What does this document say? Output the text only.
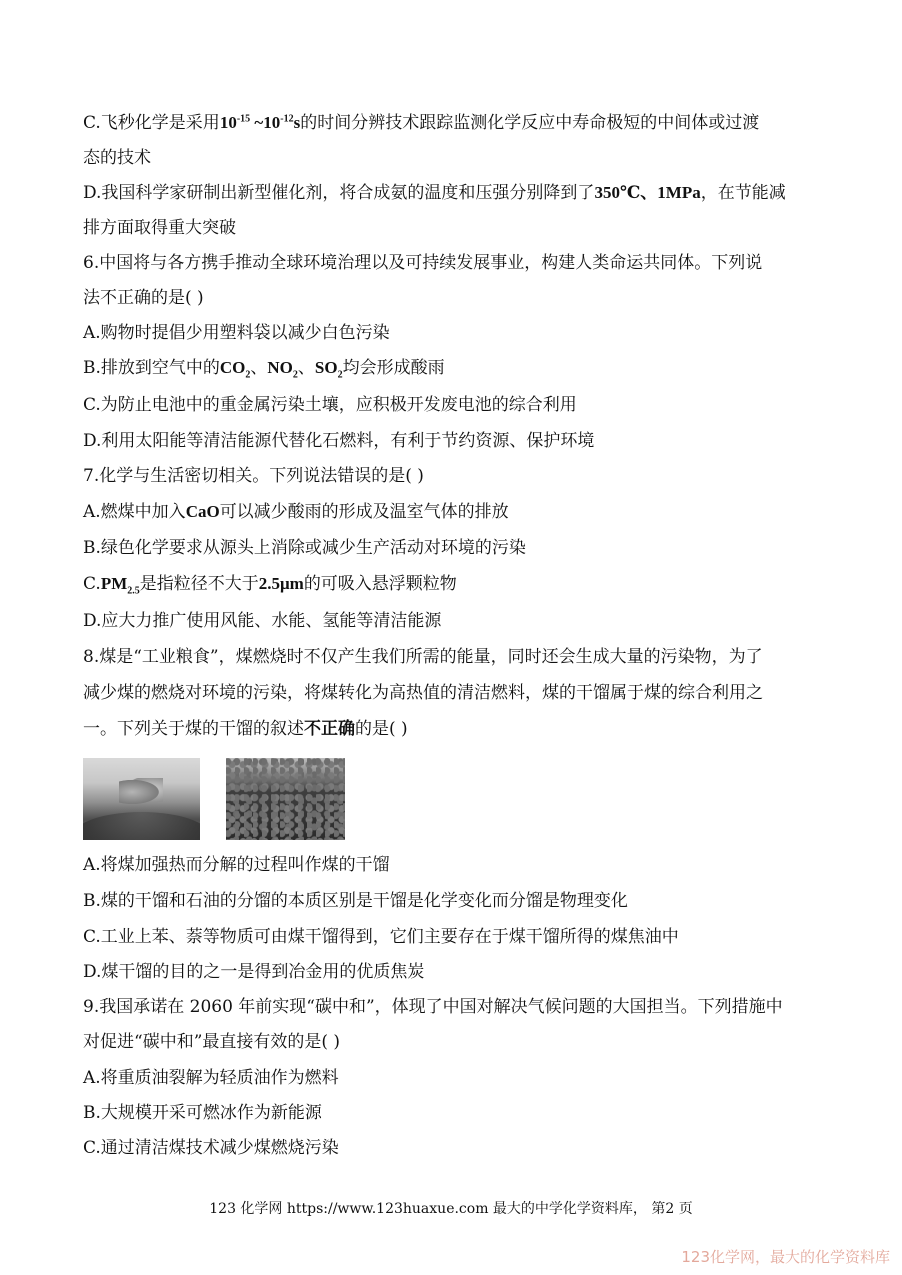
C.飞秒化学是采用$10^{-15}$ $\sim 10^{-12}s$的时间分辨技术跟踪监测化学反应中寿命极短的中间体或过渡
态的技术
D.我国科学家研制出新型催化剂，将合成氨的温度和压强分别降到了350℃、1MPa，在节能减
排方面取得重大突破
6.中国将与各方携手推动全球环境治理以及可持续发展事业，构建人类命运共同体。下列说
法不正确的是( )
A.购物时提倡少用塑料袋以减少白色污染
B.排放到空气中的$CO_2$、$NO_2$、$SO_2$均会形成酸雨
C.为防止电池中的重金属污染土壤，应积极开发废电池的综合利用
D.利用太阳能等清洁能源代替化石燃料，有利于节约资源、保护环境
7.化学与生活密切相关。下列说法错误的是( )
A.燃煤中加入CaO可以减少酸雨的形成及温室气体的排放
B.绿色化学要求从源头上消除或减少生产活动对环境的污染
$C.PM_{2.5}$是指粒径不大于2.5μm的可吸入悬浮颗粒物
D.应大力推广使用风能、水能、氢能等清洁能源
8.煤是“工业粮食”，煤燃烧时不仅产生我们所需的能量，同时还会生成大量的污染物，为了
减少煤的燃烧对环境的污染，将煤转化为高热值的清洁燃料，煤的干馏属于煤的综合利用之
一。下列关于煤的干馏的叙述不正确的是( )
A.将煤加强热而分解的过程叫作煤的干馏
B.煤的干馏和石油的分馏的本质区别是干馏是化学变化而分馏是物理变化
C.工业上苯、萘等物质可由煤干馏得到，它们主要存在于煤干馏所得的煤焦油中
D.煤干馏的目的之一是得到冶金用的优质焦炭
9.我国承诺在 2060 年前实现“碳中和”，体现了中国对解决气候问题的大国担当。下列措施中
对促进“碳中和”最直接有效的是( )
A.将重质油裂解为轻质油作为燃料
B.大规模开采可燃冰作为新能源
C.通过清洁煤技术减少煤燃烧污染
123 化学网 https://www.123huaxue.com 最大的中学化学资料库， 第2 页
123化学网，最大的化学资料库
